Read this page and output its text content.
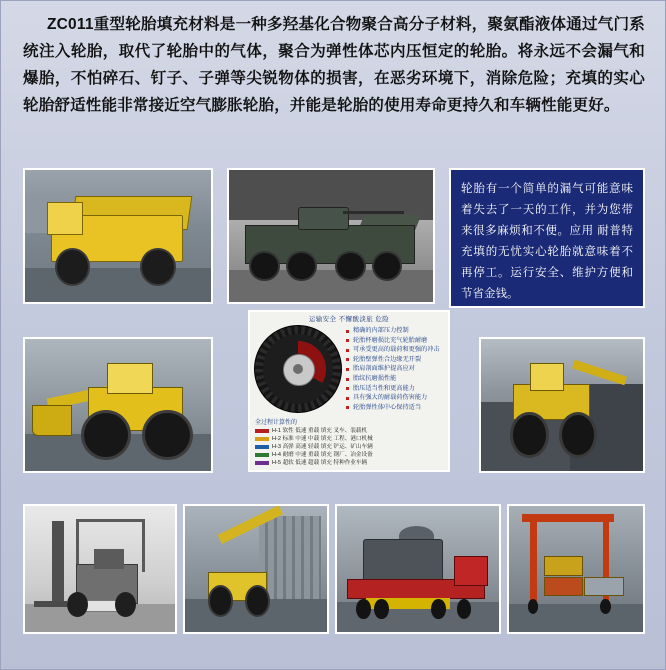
ZC011重型轮胎填充材料是一种多羟基化合物聚合高分子材料，聚氨酯液体通过气门系统注入轮胎，取代了轮胎中的气体，聚合为弹性体芯内压恒定的轮胎。将永远不会漏气和爆胎，不怕碎石、钉子、子弹等尖锐物体的损害，在恶劣环境下，消除危险；充填的实心轮胎舒适性能非常接近空气膨胀轮胎，并能是轮胎的使用寿命更持久和车辆性能更好。

轮胎有一个简单的漏气可能意味着失去了一天的工作，并为您带来很多麻烦和不便。应用 耐普特 充填的无忧实心轮胎就意味着不再停工。运行安全、维护方便和节省金钱。

运输安全 不懈酸淡旅 危险
精确的内部压力控制
轮胎杯磨损比充气轮胎耐磨
可承受更高的载荷和更强的冲击
轮胎壁弹性合边缘无开裂
胎肩剖面维护提高应对
胎纹抗磨损性能
胎压适当性和更高能力
具有强大的耐载荷伤害能力
轮胎弹性体中心保持适当
全过程计算性的
H-1 软性 低速 重载 填充 叉车、装载机
H-2 标准 中速 中载 填充 工程、港口机械
H-3 高弹 高速 轻载 填充 铲运、矿山车辆
H-4 耐磨 中速 重载 填充 钢厂、冶金设备
H-5 超软 低速 超载 填充 特种作业车辆
